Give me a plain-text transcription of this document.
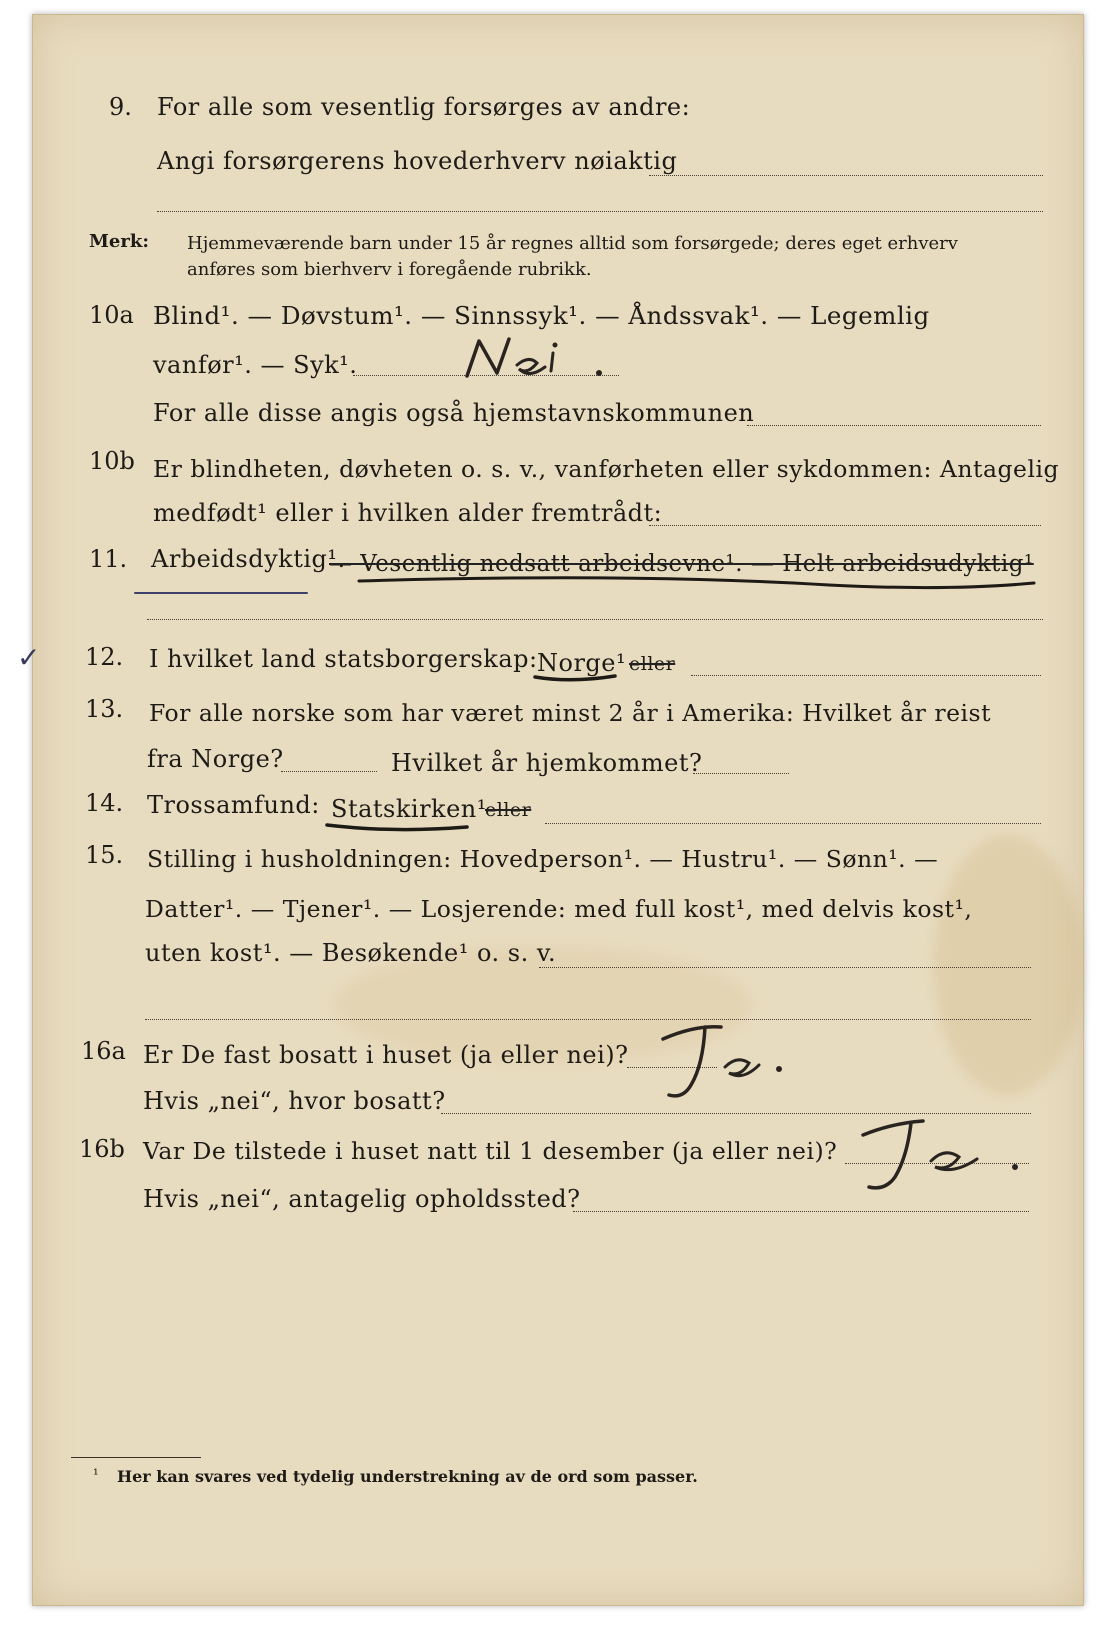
9. For alle som vesentlig forsørges av andre:
Angi forsørgerens hovederhverv nøiaktig
Merk: Hjemmeværende barn under 15 år regnes alltid som forsørgede; deres eget erhverv
anføres som bierhverv i foregående rubrikk.
10a Blind¹. — Døvstum¹. — Sinnssyk¹. — Åndssvak¹. — Legemlig
vanfør¹. — Syk¹.
For alle disse angis også hjemstavnskommunen
10b Er blindheten, døvheten o. s. v., vanførheten eller sykdommen: Antagelig
medfødt¹ eller i hvilken alder fremtrådt:
11. Arbeidsdyktig¹.
— Vesentlig nedsatt arbeidsevne¹. — Helt arbeidsudyktig¹
✓ 12. I hvilket land statsborgerskap: Norge¹ eller
13. For alle norske som har været minst 2 år i Amerika: Hvilket år reist
fra Norge?	Hvilket år hjemkommet?
14. Trossamfund: Statskirken¹
eller
15. Stilling i husholdningen: Hovedperson¹. — Hustru¹. — Sønn¹. —
Datter¹. — Tjener¹. — Losjerende: med full kost¹, med delvis kost¹,
uten kost¹. — Besøkende¹ o. s. v.
16a Er De fast bosatt i huset (ja eller nei)?
Hvis „nei“, hvor bosatt?
16b Var De tilstede i huset natt til 1 desember (ja eller nei)?
Hvis „nei“, antagelig opholdssted?
¹ Her kan svares ved tydelig understrekning av de ord som passer.
